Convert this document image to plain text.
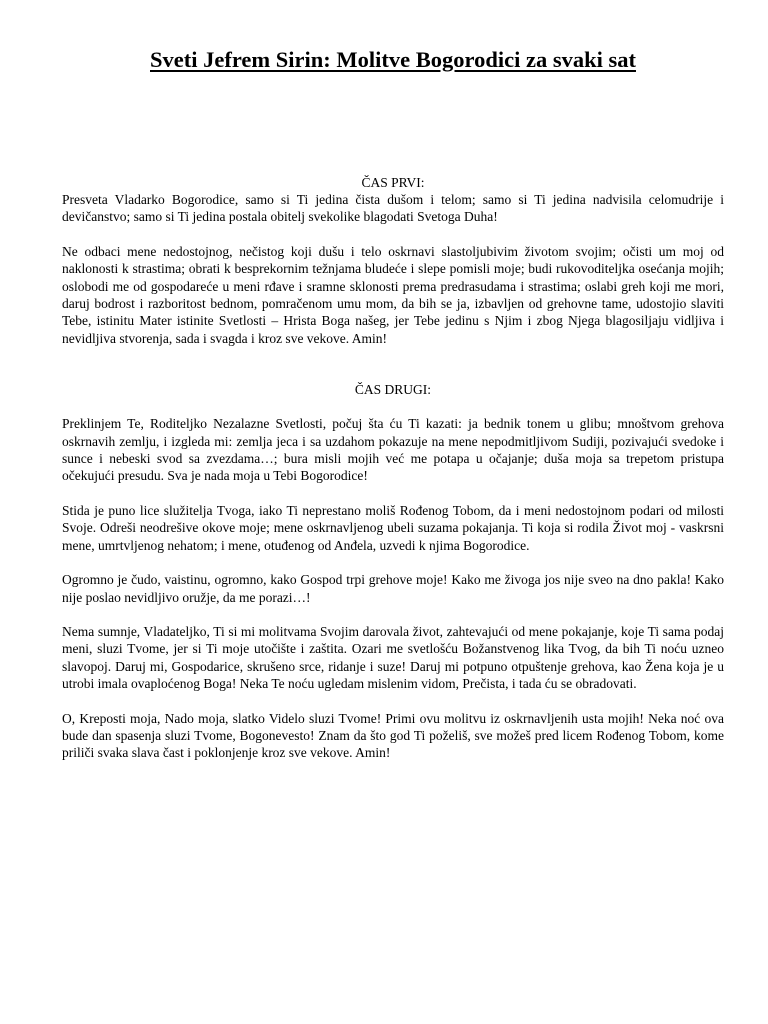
Sveti Jefrem Sirin: Molitve Bogorodici za svaki sat

ČAS PRVI:

Presveta Vladarko Bogorodice, samo si Ti jedina čista dušom i telom; samo si Ti jedina nadvisila celomudrije i devičanstvo; samo si Ti jedina postala obitelj svekolike blagodati Svetoga Duha!

Ne odbaci mene nedostojnog, nečistog koji dušu i telo oskrnavi slastoljubivim životom svojim; očisti um moj od naklonosti k strastima; obrati k besprekornim težnjama bludeće i slepe pomisli moje; budi rukovoditeljka osećanja mojih; oslobodi me od gospodareće u meni rđave i sramne sklonosti prema predrasudama i strastima; oslabi greh koji me mori, daruj bodrost i razboritost bednom, pomračenom umu mom, da bih se ja, izbavljen od grehovne tame, udostojio slaviti Tebe, istinitu Mater istinite Svetlosti – Hrista Boga našeg, jer Tebe jedinu s Njim i zbog Njega blagosiljaju vidljiva i nevidljiva stvorenja, sada i svagda i kroz sve vekove. Amin!

ČAS DRUGI:

Preklinjem Te, Roditeljko Nezalazne Svetlosti, počuj šta ću Ti kazati: ja bednik tonem u glibu; mnoštvom grehova oskrnavih zemlju, i izgleda mi: zemlja jeca i sa uzdahom pokazuje na mene nepodmitljivom Sudiji, pozivajući svedoke i sunce i nebeski svod sa zvezdama…; bura misli mojih već me potapa u očajanje; duša moja sa trepetom pristupa očekujući presudu. Sva je nada moja u Tebi Bogorodice!

Stida je puno lice služitelja Tvoga, iako Ti neprestano moliš Rođenog Tobom, da i meni nedostojnom podari od milosti Svoje. Odreši neodrešive okove moje; mene oskrnavljenog ubeli suzama pokajanja. Ti koja si rodila Život moj - vaskrsni mene, umrtvljenog nehatom; i mene, otuđenog od Anđela, uzvedi k njima Bogorodice.

Ogromno je čudo, vaistinu, ogromno, kako Gospod trpi grehove moje! Kako me živoga jos nije sveo na dno pakla! Kako nije poslao nevidljivo oružje, da me porazi…!

Nema sumnje, Vladateljko, Ti si mi molitvama Svojim darovala život, zahtevajući od mene pokajanje, koje Ti sama podaj meni, sluzi Tvome, jer si Ti moje utočište i zaštita. Ozari me svetlošću Božanstvenog lika Tvog, da bih Ti noću uzneo slavopoj. Daruj mi, Gospodarice, skrušeno srce, ridanje i suze! Daruj mi potpuno otpuštenje grehova, kao Žena koja je u utrobi imala ovaploćenog Boga! Neka Te noću ugledam mislenim vidom, Prečista, i tada ću se obradovati.

O, Kreposti moja, Nado moja, slatko Videlo sluzi Tvome! Primi ovu molitvu iz oskrnavljenih usta mojih! Neka noć ova bude dan spasenja sluzi Tvome, Bogonevesto! Znam da što god Ti poželiš, sve možeš pred licem Rođenog Tobom, kome priliči svaka slava čast i poklonjenje kroz sve vekove. Amin!
